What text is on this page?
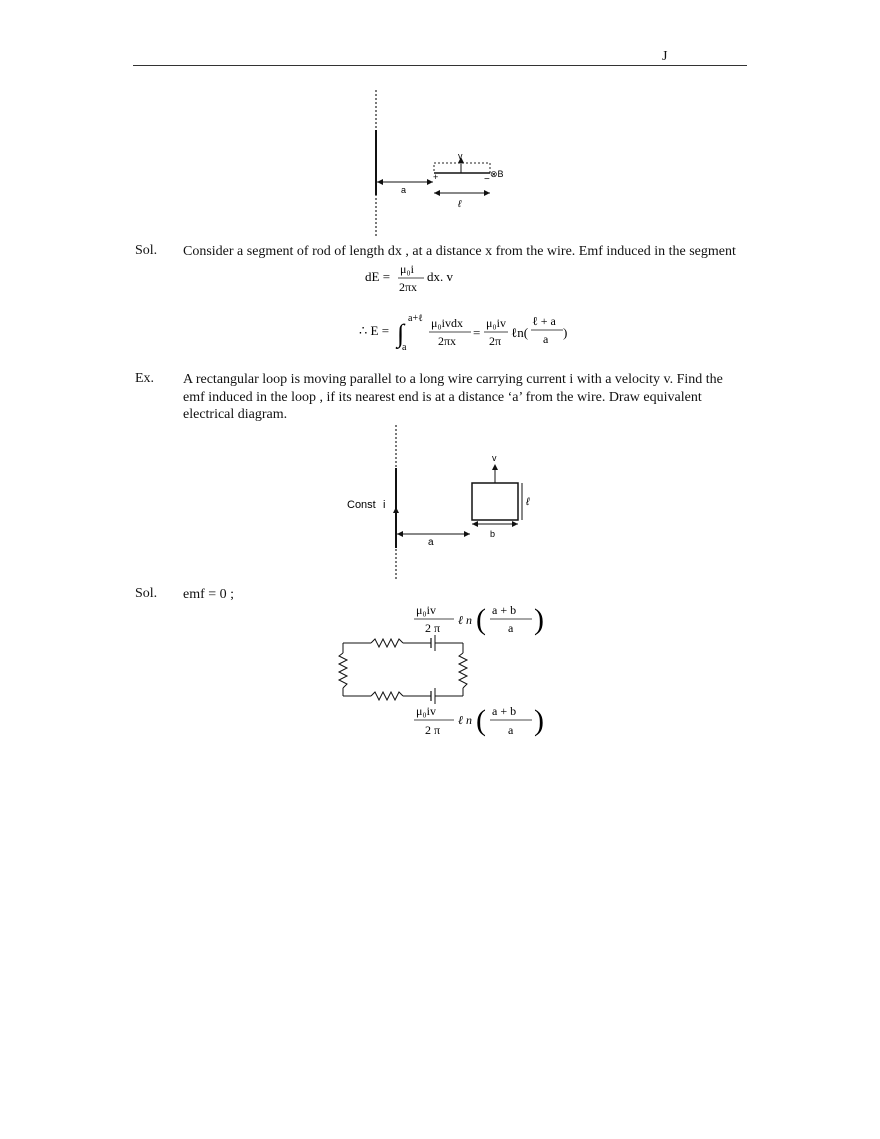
J
v
+	− ⊗B
a
ℓ
Sol. Consider a segment of rod of length dx , at a distance x from the wire. Emf induced in the segment
dE = μ₀i
2πx
dx. v
∴ E = ∫
a+ℓ
a
μ₀ivdx
2πx
=
μ₀iv
2π
ℓn(
ℓ + a
a )
Ex. A rectangular loop is moving parallel to a long wire carrying current i with a velocity v. Find the
emf induced in the loop , if its nearest end is at a distance ‘a’ from the wire. Draw equivalent
electrical diagram.
Const i
v
ℓ
b
a
Sol. emf = 0 ;
μ₀iv
2 π
ℓ n ( a + b
a )
μ₀iv
2 π
ℓ n ( a + b
a )
